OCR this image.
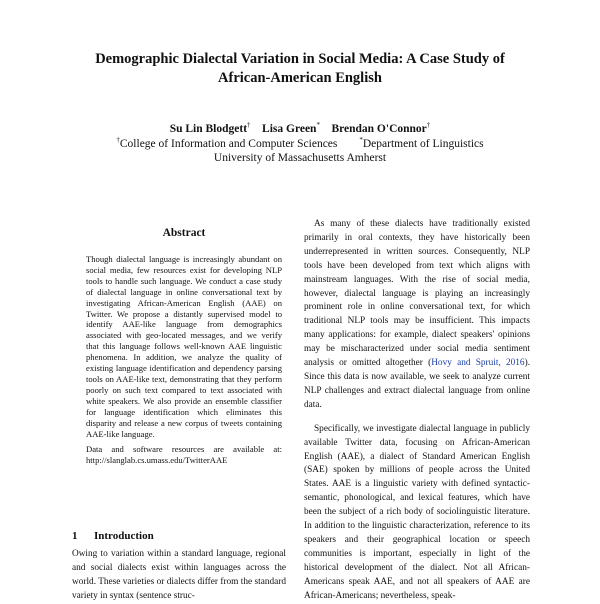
Demographic Dialectal Variation in Social Media: A Case Study of
African-American English
Su Lin Blodgett† Lisa Green* Brendan O'Connor†
†College of Information and Computer Sciences	*Department of Linguistics
University of Massachusetts Amherst
Abstract

Though dialectal language is increasingly abundant on social media, few resources exist for developing NLP tools to handle such language. We conduct a case study of dialectal language in online conversational text by investigating African-American English (AAE) on Twitter. We propose a distantly supervised model to identify AAE-like language from demographics associated with geo-located messages, and we verify that this language follows well-known AAE linguistic phenomena. In addition, we analyze the quality of existing language identification and dependency parsing tools on AAE-like text, demonstrating that they perform poorly on such text compared to text associated with white speakers. We also provide an ensemble classifier for language identification which eliminates this disparity and release a new corpus of tweets containing AAE-like language.

Data and software resources are available at: http://slanglab.cs.umass.edu/TwitterAAE

1 Introduction

Owing to variation within a standard language, regional and social dialects exist within languages across the world. These varieties or dialects differ from the standard variety in syntax (sentence struc-

As many of these dialects have traditionally existed primarily in oral contexts, they have historically been underrepresented in written sources. Consequently, NLP tools have been developed from text which aligns with mainstream languages. With the rise of social media, however, dialectal language is playing an increasingly prominent role in online conversational text, for which traditional NLP tools may be insufficient. This impacts many applications: for example, dialect speakers' opinions may be mischaracterized under social media sentiment analysis or omitted altogether (Hovy and Spruit, 2016). Since this data is now available, we seek to analyze current NLP challenges and extract dialectal language from online data.

Specifically, we investigate dialectal language in publicly available Twitter data, focusing on African-American English (AAE), a dialect of Standard American English (SAE) spoken by millions of people across the United States. AAE is a linguistic variety with defined syntactic-semantic, phonological, and lexical features, which have been the subject of a rich body of sociolinguistic literature. In addition to the linguistic characterization, reference to its speakers and their geographical location or speech communities is important, especially in light of the historical development of the dialect. Not all African-Americans speak AAE, and not all speakers of AAE are African-Americans; nevertheless, speak-
